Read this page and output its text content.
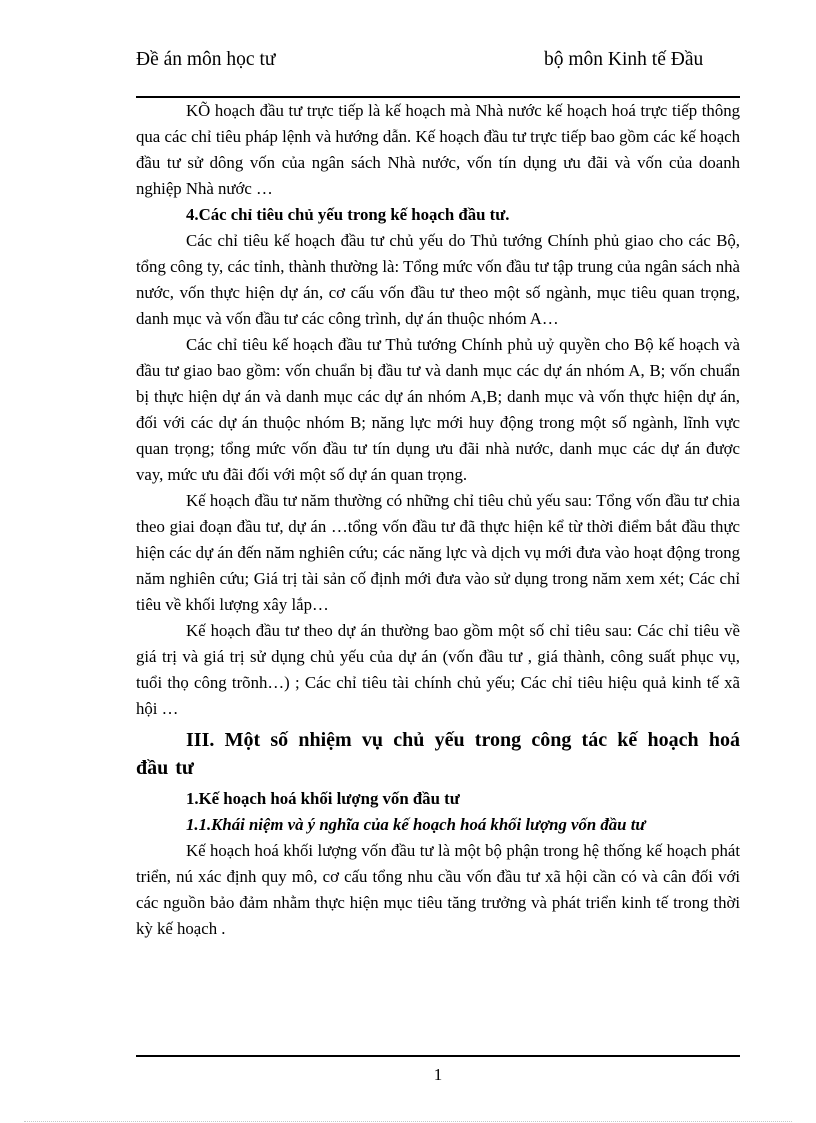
Đề án môn học tư	bộ môn Kinh tế Đầu

KÕ hoạch đầu tư trực tiếp là kế hoạch mà Nhà nước kế hoạch hoá trực tiếp thông qua các chỉ tiêu pháp lệnh và hướng dẫn. Kế hoạch đầu tư trực tiếp bao gồm các kế hoạch đầu tư sử dông vốn của ngân sách Nhà nước, vốn tín dụng ưu đãi và vốn của doanh nghiệp Nhà nước …

4.Các chỉ tiêu chủ yếu trong kế hoạch đầu tư.

Các chỉ tiêu kế hoạch đầu tư chủ yếu do Thủ tướng Chính phủ giao cho các Bộ, tổng công ty, các tỉnh, thành thường là: Tổng mức vốn đầu tư tập trung của ngân sách nhà nước, vốn thực hiện dự án, cơ cấu vốn đầu tư theo một số ngành, mục tiêu quan trọng, danh mục và vốn đầu tư các công trình, dự án thuộc nhóm A…

Các chỉ tiêu kế hoạch đầu tư Thủ tướng Chính phủ uỷ quyền cho Bộ kế hoạch và đầu tư giao bao gồm: vốn chuẩn bị đầu tư và danh mục các dự án nhóm A, B; vốn chuẩn bị thực hiện dự án và danh mục các dự án nhóm A,B; danh mục và vốn thực hiện dự án, đối với các dự án thuộc nhóm B; năng lực mới huy động trong một số ngành, lĩnh vực quan trọng; tổng mức vốn đầu tư tín dụng ưu đãi nhà nước, danh mục các dự án được vay, mức ưu đãi đối với một số dự án quan trọng.

Kế hoạch đầu tư năm thường có những chỉ tiêu chủ yếu sau: Tổng vốn đầu tư chia theo giai đoạn đầu tư, dự án …tổng vốn đầu tư đã thực hiện kể từ thời điểm bắt đầu thực hiện các dự án đến năm nghiên cứu; các năng lực và dịch vụ mới đưa vào hoạt động trong năm nghiên cứu; Giá trị tài sản cố định mới đưa vào sử dụng trong năm xem xét; Các chỉ tiêu về khối lượng xây lắp…

Kế hoạch đầu tư theo dự án thường bao gồm một số chỉ tiêu sau: Các chỉ tiêu về giá trị và giá trị sử dụng chủ yếu của dự án (vốn đầu tư , giá thành, công suất phục vụ, tuổi thọ công trõnh…) ; Các chỉ tiêu tài chính chủ yếu; Các chỉ tiêu hiệu quả kinh tế xã hội …

III. Một số nhiệm vụ chủ yếu trong công tác kế hoạch hoá đầu tư
1.Kế hoạch hoá khối lượng vốn đầu tư
1.1.Khái niệm và ý nghĩa của kế hoạch hoá khối lượng vốn đầu tư

Kế hoạch hoá khối lượng vốn đầu tư là một bộ phận trong hệ thống kế hoạch phát triển, nú xác định quy mô, cơ cấu tổng nhu cầu vốn đầu tư xã hội cần có và cân đối với các nguồn bảo đảm nhằm thực hiện mục tiêu tăng trưởng và phát triển kinh tế trong thời kỳ kế hoạch .

1
